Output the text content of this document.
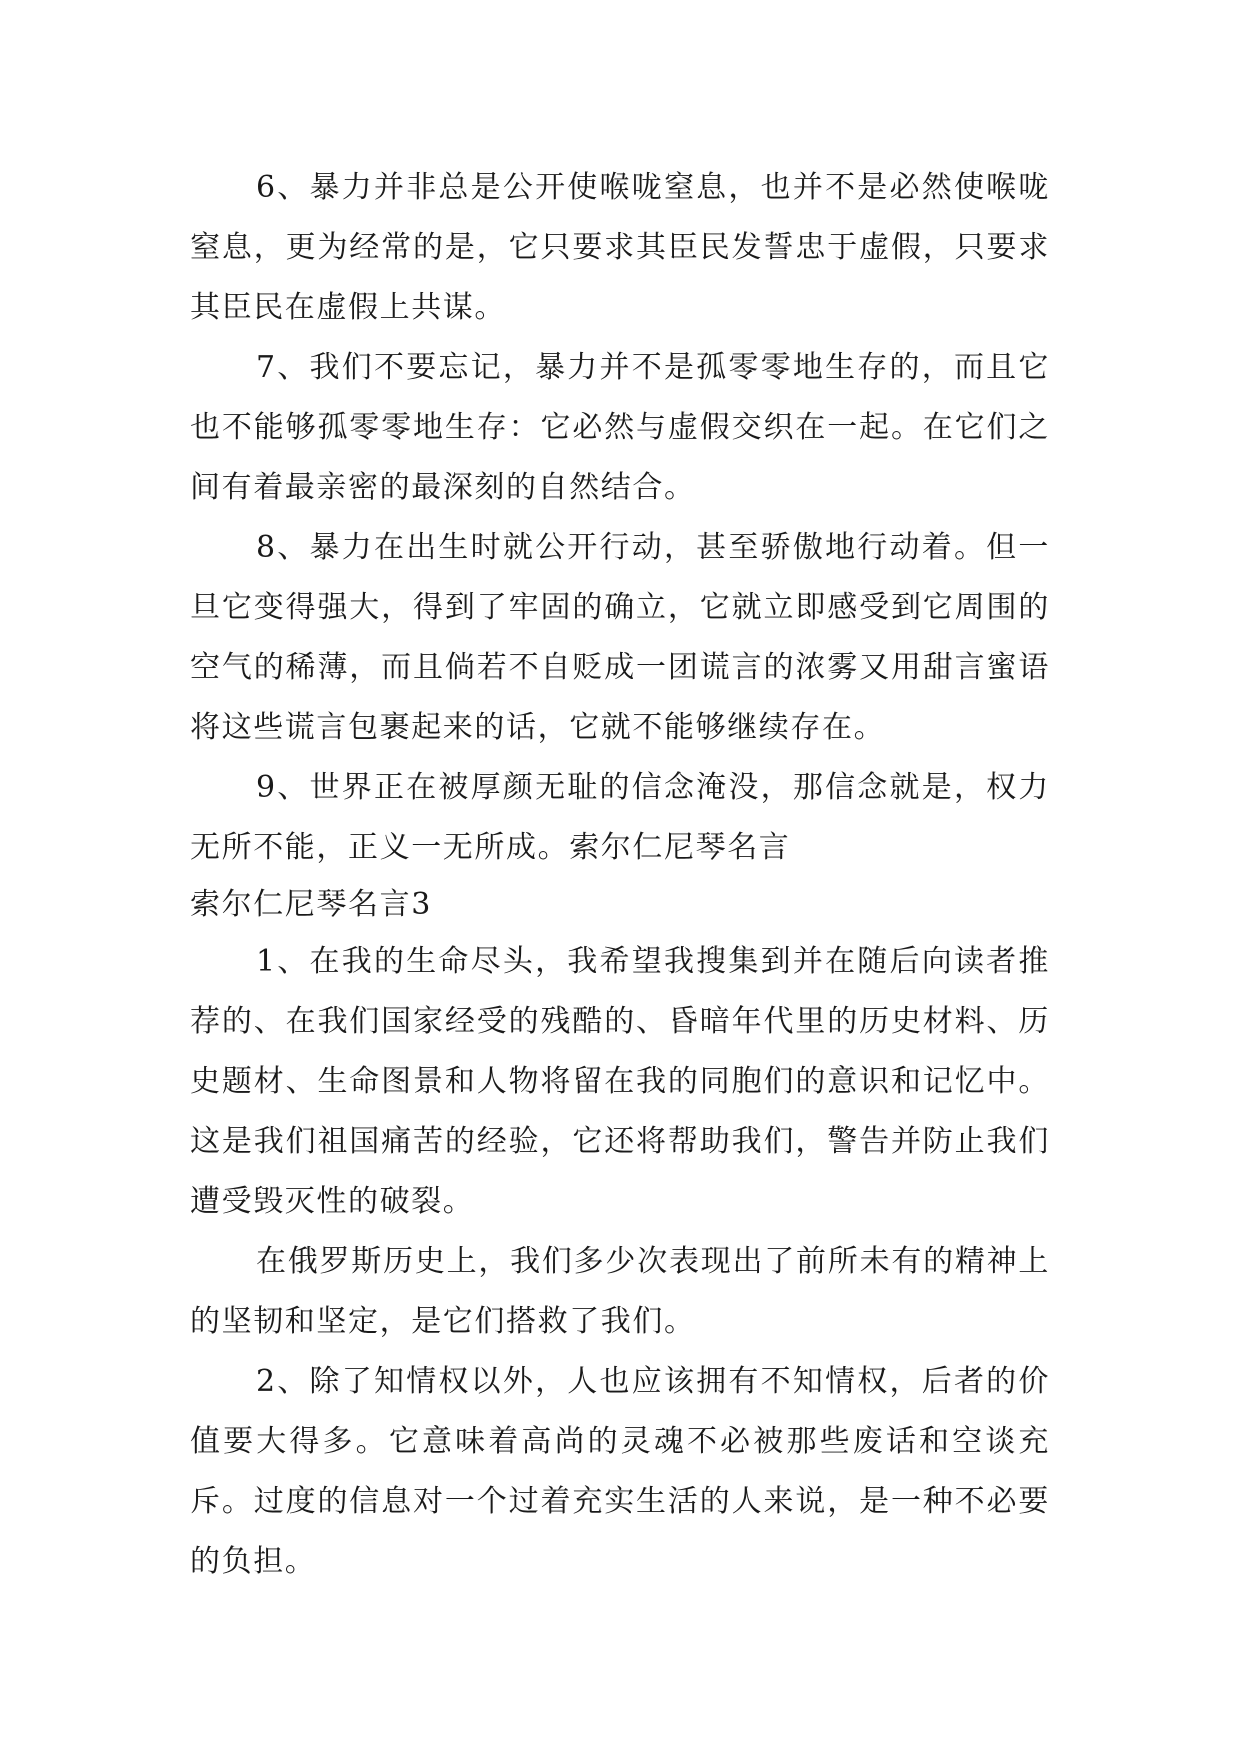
6、暴力并非总是公开使喉咙窒息，也并不是必然使喉咙窒息，更为经常的是，它只要求其臣民发誓忠于虚假，只要求其臣民在虚假上共谋。

7、我们不要忘记，暴力并不是孤零零地生存的，而且它也不能够孤零零地生存：它必然与虚假交织在一起。在它们之间有着最亲密的最深刻的自然结合。

8、暴力在出生时就公开行动，甚至骄傲地行动着。但一旦它变得强大，得到了牢固的确立，它就立即感受到它周围的空气的稀薄，而且倘若不自贬成一团谎言的浓雾又用甜言蜜语将这些谎言包裹起来的话，它就不能够继续存在。

9、世界正在被厚颜无耻的信念淹没，那信念就是，权力无所不能，正义一无所成。索尔仁尼琴名言

索尔仁尼琴名言3

1、在我的生命尽头，我希望我搜集到并在随后向读者推荐的、在我们国家经受的残酷的、昏暗年代里的历史材料、历史题材、生命图景和人物将留在我的同胞们的意识和记忆中。这是我们祖国痛苦的经验，它还将帮助我们，警告并防止我们遭受毁灭性的破裂。

在俄罗斯历史上，我们多少次表现出了前所未有的精神上的坚韧和坚定，是它们搭救了我们。

2、除了知情权以外，人也应该拥有不知情权，后者的价值要大得多。它意味着高尚的灵魂不必被那些废话和空谈充斥。过度的信息对一个过着充实生活的人来说，是一种不必要的负担。
